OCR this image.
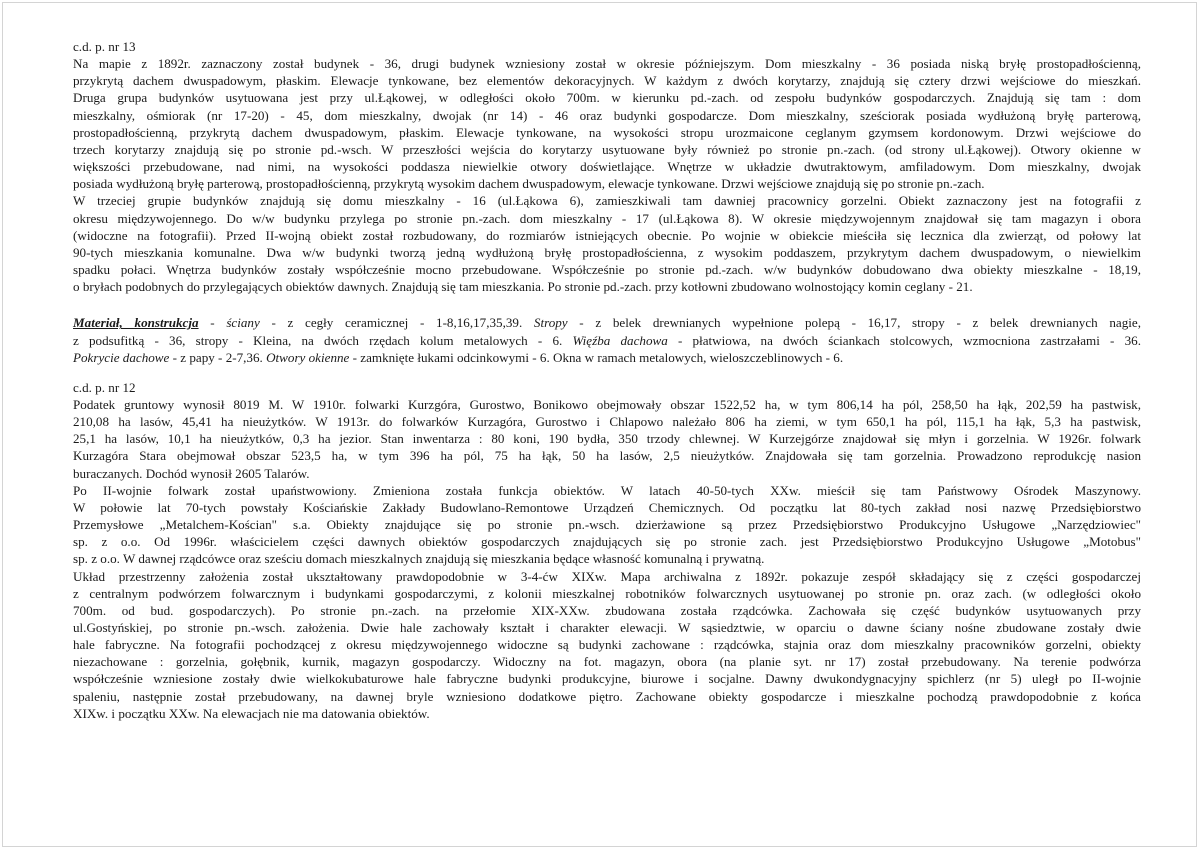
c.d. p. nr 13
Na mapie z 1892r. zaznaczony został budynek - 36, drugi budynek wzniesiony został w okresie późniejszym. Dom mieszkalny - 36 posiada niską bryłę prostopadłościenną,
przykrytą dachem dwuspadowym, płaskim. Elewacje tynkowane, bez elementów dekoracyjnych. W każdym z dwóch korytarzy, znajdują się cztery drzwi wejściowe do mieszkań.
Druga grupa budynków usytuowana jest przy ul.Łąkowej, w odległości około 700m. w kierunku pd.-zach. od zespołu budynków gospodarczych. Znajdują się tam : dom
mieszkalny, ośmiorak (nr 17-20) - 45, dom mieszkalny, dwojak (nr 14) - 46 oraz budynki gospodarcze. Dom mieszkalny, sześciorak posiada wydłużoną bryłę parterową,
prostopadłościenną, przykrytą dachem dwuspadowym, płaskim. Elewacje tynkowane, na wysokości stropu urozmaicone ceglanym gzymsem kordonowym. Drzwi wejściowe do
trzech korytarzy znajdują się po stronie pd.-wsch. W przeszłości wejścia do korytarzy usytuowane były również po stronie pn.-zach. (od strony ul.Łąkowej). Otwory okienne w
większości przebudowane, nad nimi, na wysokości poddasza niewielkie otwory doświetlające. Wnętrze w układzie dwutraktowym, amfiladowym. Dom mieszkalny, dwojak
posiada wydłużoną bryłę parterową, prostopadłościenną, przykrytą wysokim dachem dwuspadowym, elewacje tynkowane. Drzwi wejściowe znajdują się po stronie pn.-zach.
W trzeciej grupie budynków znajdują się domu mieszkalny - 16 (ul.Łąkowa 6), zamieszkiwali tam dawniej pracownicy gorzelni. Obiekt zaznaczony jest na fotografii z
okresu międzywojennego. Do w/w budynku przylega po stronie pn.-zach. dom mieszkalny - 17 (ul.Łąkowa 8). W okresie międzywojennym znajdował się tam magazyn i obora
(widoczne na fotografii). Przed II-wojną obiekt został rozbudowany, do rozmiarów istniejących obecnie. Po wojnie w obiekcie mieściła się lecznica dla zwierząt, od połowy lat
90-tych mieszkania komunalne. Dwa w/w budynki tworzą jedną wydłużoną bryłę prostopadłościenna, z wysokim poddaszem, przykrytym dachem dwuspadowym, o niewielkim
spadku połaci. Wnętrza budynków zostały współcześnie mocno przebudowane. Współcześnie po stronie pd.-zach. w/w budynków dobudowano dwa obiekty mieszkalne - 18,19,
o bryłach podobnych do przylegających obiektów dawnych. Znajdują się tam mieszkania. Po stronie pd.-zach. przy kotłowni zbudowano wolnostojący komin ceglany - 21.
Materiał, konstrukcja - ściany - z cegły ceramicznej - 1-8,16,17,35,39. Stropy - z belek drewnianych wypełnione polepą - 16,17, stropy - z belek drewnianych nagie,
z podsufitką - 36, stropy - Kleina, na dwóch rzędach kolum metalowych - 6. Więźba dachowa - płatwiowa, na dwóch ściankach stolcowych, wzmocniona zastrzałami - 36.
Pokrycie dachowe - z papy - 2-7,36. Otwory okienne - zamknięte łukami odcinkowymi - 6. Okna w ramach metalowych, wieloszczeblinowych - 6.
c.d. p. nr 12
Podatek gruntowy wynosił 8019 M. W 1910r. folwarki Kurzgóra, Gurostwo, Bonikowo obejmowały obszar 1522,52 ha, w tym 806,14 ha pól, 258,50 ha łąk, 202,59 ha pastwisk,
210,08 ha lasów, 45,41 ha nieużytków. W 1913r. do folwarków Kurzagóra, Gurostwo i Chlapowo należało 806 ha ziemi, w tym 650,1 ha pól, 115,1 ha łąk, 5,3 ha pastwisk,
25,1 ha lasów, 10,1 ha nieużytków, 0,3 ha jezior. Stan inwentarza : 80 koni, 190 bydła, 350 trzody chlewnej. W Kurzejgórze znajdował się młyn i gorzelnia. W 1926r. folwark
Kurzagóra Stara obejmował obszar 523,5 ha, w tym 396 ha pól, 75 ha łąk, 50 ha lasów, 2,5 nieużytków. Znajdowała się tam gorzelnia. Prowadzono reprodukcję nasion
buraczanych. Dochód wynosił 2605 Talarów.
Po II-wojnie folwark został upaństwowiony. Zmieniona została funkcja obiektów. W latach 40-50-tych XXw. mieścił się tam Państwowy Ośrodek Maszynowy.
W połowie lat 70-tych powstały Kościańskie Zakłady Budowlano-Remontowe Urządzeń Chemicznych. Od początku lat 80-tych zakład nosi nazwę Przedsiębiorstwo
Przemysłowe „Metalchem-Kościan" s.a. Obiekty znajdujące się po stronie pn.-wsch. dzierżawione są przez Przedsiębiorstwo Produkcyjno Usługowe „Narzędziowiec"
sp. z o.o. Od 1996r. właścicielem części dawnych obiektów gospodarczych znajdujących się po stronie zach. jest Przedsiębiorstwo Produkcyjno Usługowe „Motobus"
sp. z o.o. W dawnej rządcówce oraz sześciu domach mieszkalnych znajdują się mieszkania będące własność komunalną i prywatną.
Układ przestrzenny założenia został ukształtowany prawdopodobnie w 3-4-ćw XIXw. Mapa archiwalna z 1892r. pokazuje zespół składający się z części gospodarczej
z centralnym podwórzem folwarcznym i budynkami gospodarczymi, z kolonii mieszkalnej robotników folwarcznych usytuowanej po stronie pn. oraz zach. (w odległości około
700m. od bud. gospodarczych). Po stronie pn.-zach. na przełomie XIX-XXw. zbudowana została rządcówka. Zachowała się część budynków usytuowanych przy
ul.Gostyńskiej, po stronie pn.-wsch. założenia. Dwie hale zachowały kształt i charakter elewacji. W sąsiedztwie, w oparciu o dawne ściany nośne zbudowane zostały dwie
hale fabryczne. Na fotografii pochodzącej z okresu międzywojennego widoczne są budynki zachowane : rządcówka, stajnia oraz dom mieszkalny pracowników gorzelni, obiekty
niezachowane : gorzelnia, gołębnik, kurnik, magazyn gospodarczy. Widoczny na fot. magazyn, obora (na planie syt. nr 17) został przebudowany. Na terenie podwórza
współcześnie wzniesione zostały dwie wielkokubaturowe hale fabryczne budynki produkcyjne, biurowe i socjalne. Dawny dwukondygnacyjny spichlerz (nr 5) uległ po II-wojnie
spaleniu, następnie został przebudowany, na dawnej bryle wzniesiono dodatkowe piętro. Zachowane obiekty gospodarcze i mieszkalne pochodzą prawdopodobnie z końca
XIXw. i początku XXw. Na elewacjach nie ma datowania obiektów.
